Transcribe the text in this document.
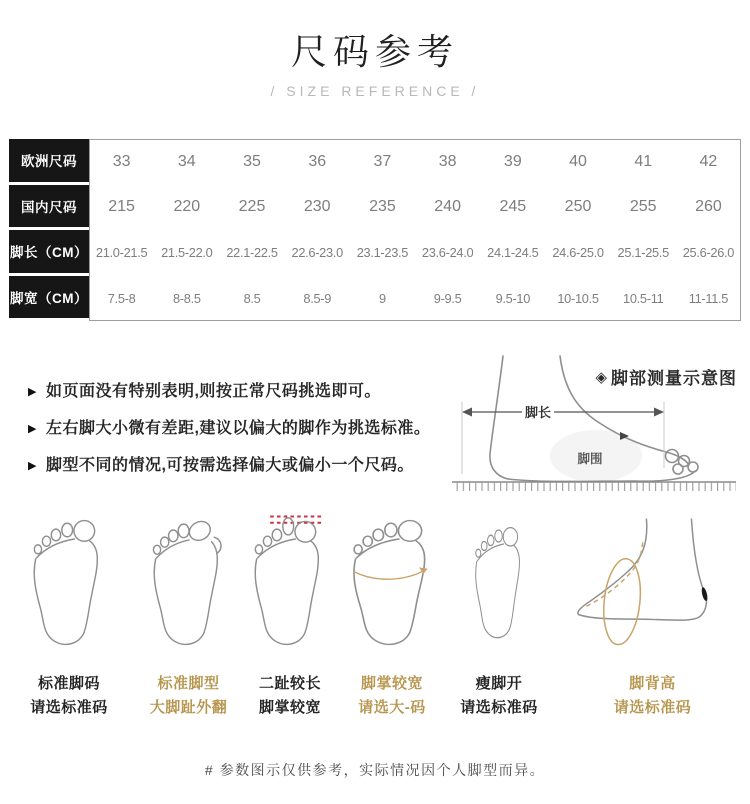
尺码参考
/ SIZE REFERENCE /
欧洲尺码	33	34	35	36	37	38	39	40	41	42
国内尺码	215	220	225	230	235	240	245	250	255	260
脚长（CM） 21.0-21.5	21.5-22.0	22.1-22.5	22.6-23.0	23.1-23.5	23.6-24.0	24.1-24.5	24.6-25.0	25.1-25.5	25.6-26.0
脚宽（CM）	7.5-8	8-8.5	8.5	8.5-9	9	9-9.5	9.5-10	10-10.5	10.5-11	11-11.5
▶ 如页面没有特别表明,则按正常尺码挑选即可。
▶ 左右脚大小微有差距,建议以偏大的脚作为挑选标准。
▶ 脚型不同的情况,可按需选择偏大或偏小一个尺码。
脚长
脚围
◈ 脚部测量示意图
标准脚码
请选标准码
标准脚型
大脚趾外翻
二趾较长
脚掌较宽
脚掌较宽
请选大-码
瘦脚开
请选标准码
脚背高
请选标准码
# 参数图示仅供参考，实际情况因个人脚型而异。
